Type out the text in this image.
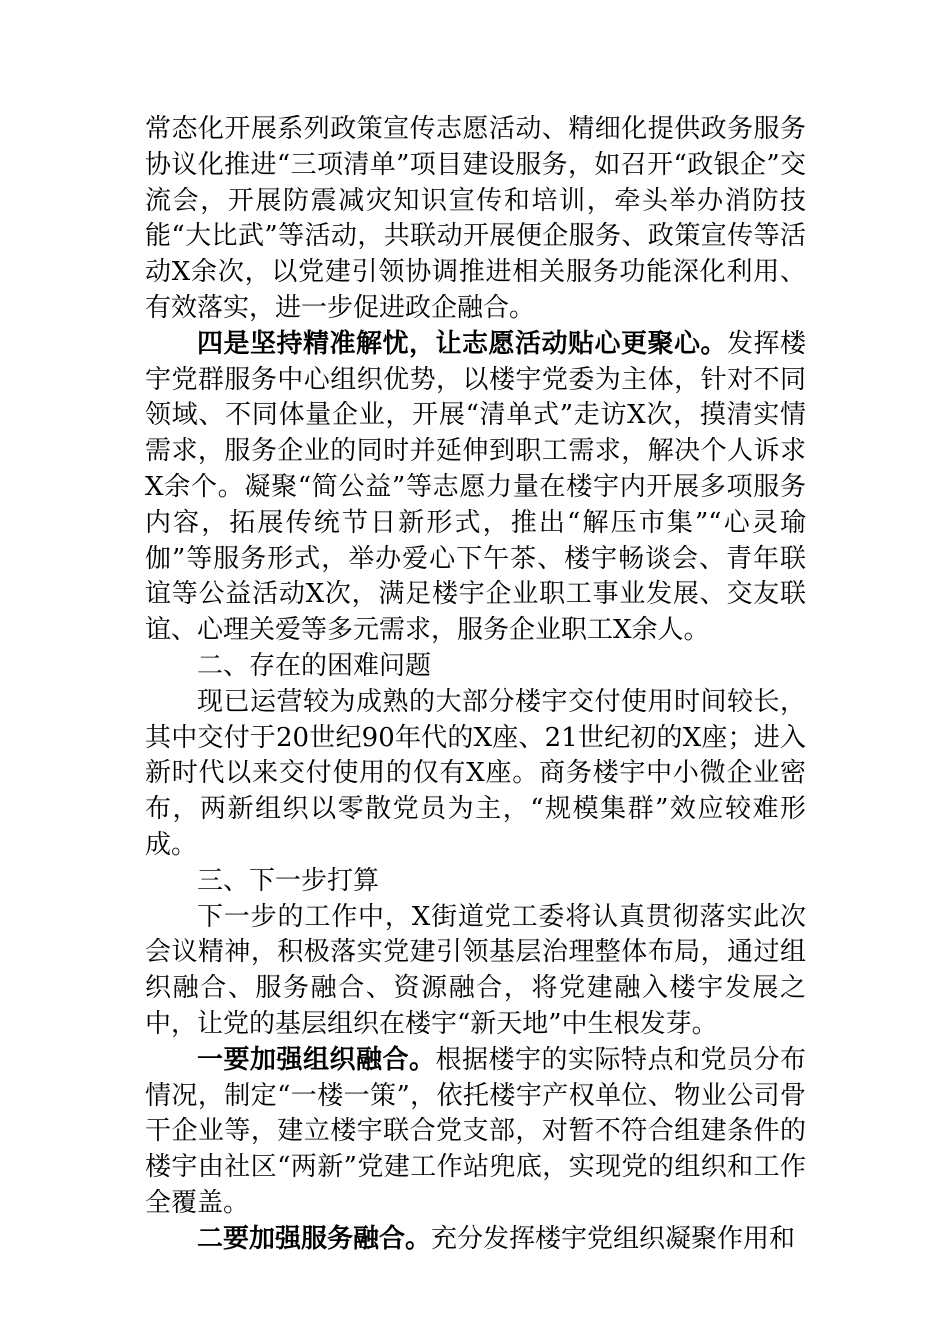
常态化开展系列政策宣传志愿活动、精细化提供政务服务协议化推进“三项清单”项目建设服务，如召开“政银企”交流会，开展防震减灾知识宣传和培训，牵头举办消防技能“大比武”等活动，共联动开展便企服务、政策宣传等活动X余次，以党建引领协调推进相关服务功能深化利用、有效落实，进一步促进政企融合。

四是坚持精准解忧，让志愿活动贴心更聚心。发挥楼宇党群服务中心组织优势，以楼宇党委为主体，针对不同领域、不同体量企业，开展“清单式”走访X次，摸清实情需求，服务企业的同时并延伸到职工需求，解决个人诉求X余个。凝聚“简公益”等志愿力量在楼宇内开展多项服务内容，拓展传统节日新形式，推出“解压市集”“心灵瑜伽”等服务形式，举办爱心下午茶、楼宇畅谈会、青年联谊等公益活动X次，满足楼宇企业职工事业发展、交友联谊、心理关爱等多元需求，服务企业职工X余人。

二、存在的困难问题

现已运营较为成熟的大部分楼宇交付使用时间较长，其中交付于20世纪90年代的X座、21世纪初的X座；进入新时代以来交付使用的仅有X座。商务楼宇中小微企业密布，两新组织以零散党员为主，“规模集群”效应较难形成。

三、下一步打算

下一步的工作中，X街道党工委将认真贯彻落实此次会议精神，积极落实党建引领基层治理整体布局，通过组织融合、服务融合、资源融合，将党建融入楼宇发展之中，让党的基层组织在楼宇“新天地”中生根发芽。

一要加强组织融合。根据楼宇的实际特点和党员分布情况，制定“一楼一策”，依托楼宇产权单位、物业公司骨干企业等，建立楼宇联合党支部，对暂不符合组建条件的楼宇由社区“两新”党建工作站兜底，实现党的组织和工作全覆盖。

二要加强服务融合。充分发挥楼宇党组织凝聚作用和
